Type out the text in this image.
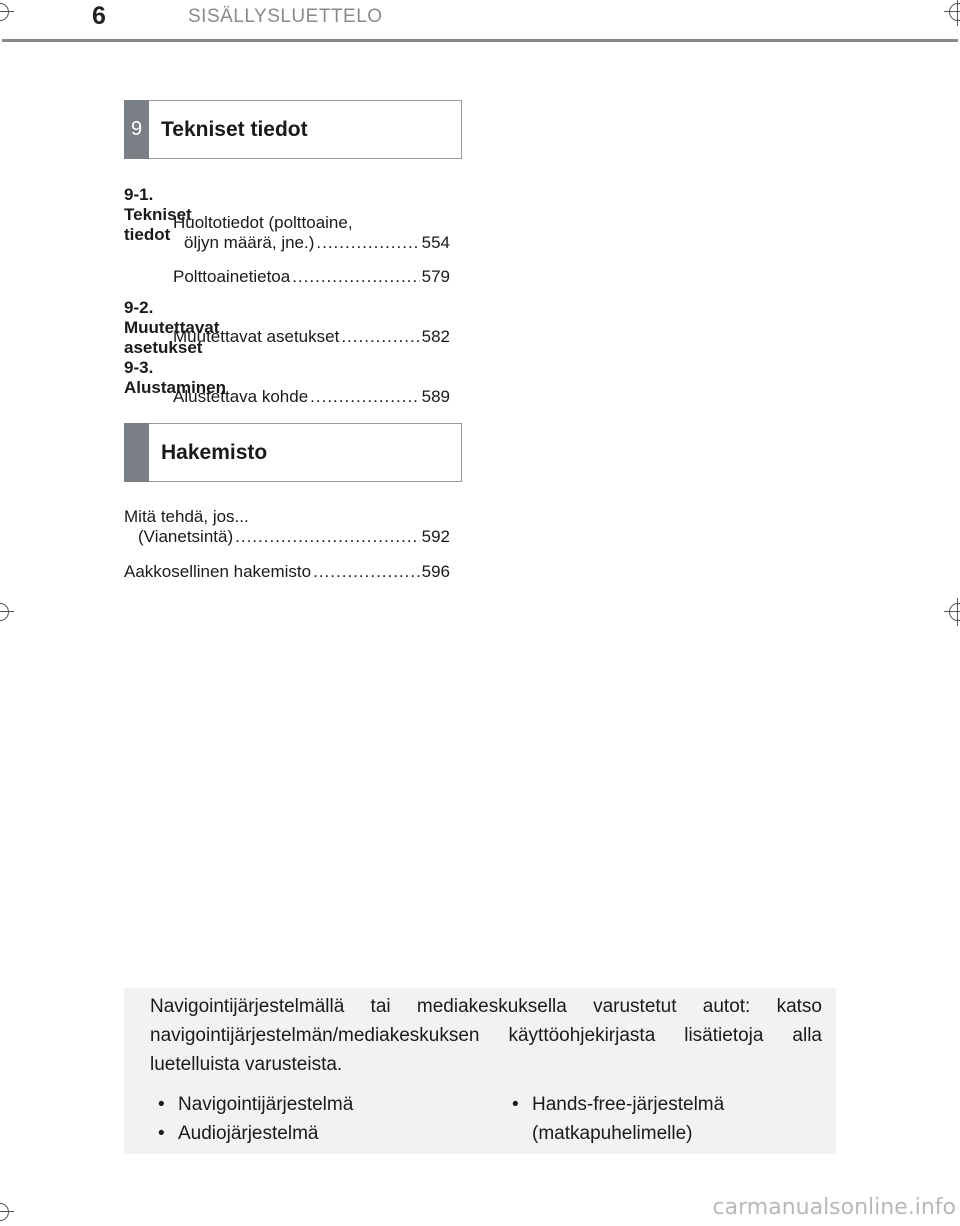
6	SISÄLLYSLUETTELO
9 Tekniset tiedot
9-1.Tekniset tiedot
Huoltotiedot (polttoaine,
öljyn määrä, jne.) .....	554
Polttoainetietoa .....	579
9-2.Muutettavat asetukset
Muutettavat asetukset .....	582
9-3.Alustaminen
Alustettava kohde .....	589
Hakemisto
Mitä tehdä, jos...
(Vianetsintä) .....	592
Aakkosellinen hakemisto .....	596
Navigointijärjestelmällä tai mediakeskuksella varustetut autot: katso navigointijärjestelmän/mediakeskuksen käyttöohjekirjasta lisätietoja alla luetelluista varusteista.
• Navigointijärjestelmä
• Audiojärjestelmä
• Hands-free-järjestelmä (matkapuhelimelle)
carmanualsonline.info
